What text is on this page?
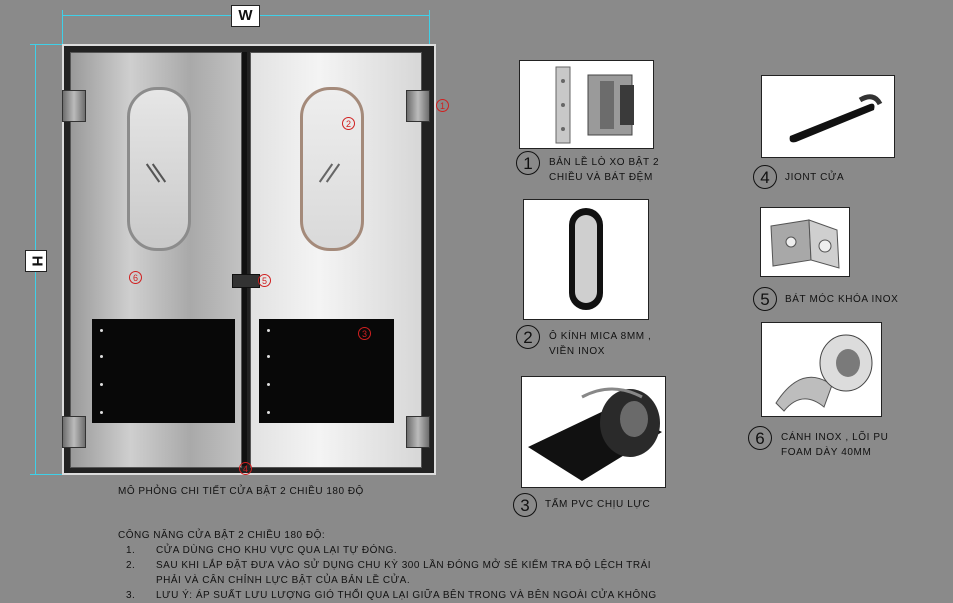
W
H
1
2
3
4
5
6
MÔ PHỎNG CHI TIẾT CỬA BẬT 2 CHIỀU 180 ĐỘ
1	BẢN LỀ LÒ XO BẬT 2
CHIỀU VÀ BÁT ĐỆM
2	Ô KÍNH MICA 8MM ,
VIỀN INOX
3	TẤM PVC CHỊU LỰC
4	JIONT CỬA
5	BÁT MÓC KHÓA INOX
6	CÁNH INOX , LÕI PU
FOAM DÀY 40MM
CÔNG NĂNG CỬA BẬT 2 CHIỀU 180 ĐỘ:
1.	CỬA DÙNG CHO KHU VỰC QUA LẠI TỰ ĐÓNG.
2.	SAU KHI LẮP ĐẶT ĐƯA VÀO SỬ DỤNG CHU KỲ 300 LẦN ĐÓNG MỞ SẼ KIỂM TRA ĐỘ LỆCH TRÁI
PHẢI VÀ CÂN CHỈNH LỰC BẬT CỦA BẢN LỀ CỬA.
3.	LƯU Ý: ÁP SUẤT LƯU LƯỢNG GIÓ THỔI QUA LẠI GIỮA BÊN TRONG VÀ BÊN NGOÀI CỬA KHÔNG
